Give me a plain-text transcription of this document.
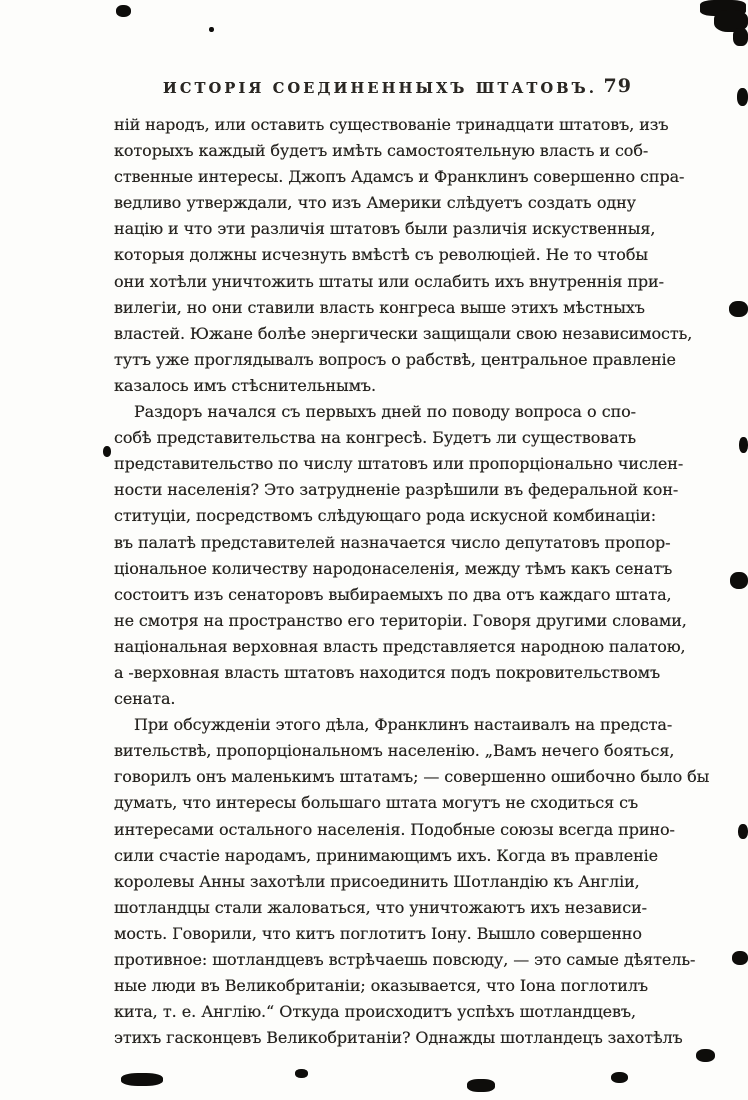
ИСТОРІЯ СОЕДИНЕННЫХЪ ШТАТОВЪ. 79
ній народъ, или оставить существованіе тринадцати штатовъ, изъ
которыхъ каждый будетъ имѣть самостоятельную власть и соб-
ственные интересы. Джопъ Адамсъ и Франклинъ совершенно спра-
ведливо утверждали, что изъ Америки слѣдуетъ создать одну
націю и что эти различія штатовъ были различія искуственныя,
которыя должны исчезнуть вмѣстѣ съ революціей. Не то чтобы
они хотѣли уничтожить штаты или ослабить ихъ внутреннія при-
вилегіи, но они ставили власть конгреса выше этихъ мѣстныхъ
властей. Южане болѣе энергически защищали свою независимость,
тутъ уже проглядывалъ вопросъ о рабствѣ, центральное правленіе
казалось имъ стѣснительнымъ.
Раздоръ начался съ первыхъ дней по поводу вопроса о спо-
собѣ представительства на конгресѣ. Будетъ ли существовать
представительство по числу штатовъ или пропорціонально числен-
ности населенія? Это затрудненіе разрѣшили въ федеральной кон-
ституціи, посредствомъ слѣдующаго рода искусной комбинаціи:
въ палатѣ представителей назначается число депутатовъ пропор-
ціональное количеству народонаселенія, между тѣмъ какъ сенатъ
состоитъ изъ сенаторовъ выбираемыхъ по два отъ каждаго штата,
не смотря на пространство его територіи. Говоря другими словами,
національная верховная власть представляется народною палатою,
а -верховная власть штатовъ находится подъ покровительствомъ
сената.
При обсужденіи этого дѣла, Франклинъ настаивалъ на предста-
вительствѣ, пропорціональномъ населенію. „Вамъ нечего бояться,
говорилъ онъ маленькимъ штатамъ; — совершенно ошибочно было бы
думать, что интересы большаго штата могутъ не сходиться съ
интересами остального населенія. Подобные союзы всегда прино-
сили счастіе народамъ, принимающимъ ихъ. Когда въ правленіе
королевы Анны захотѣли присоединить Шотландію къ Англіи,
шотландцы стали жаловаться, что уничтожаютъ ихъ независи-
мость. Говорили, что китъ поглотитъ Іону. Вышло совершенно
противное: шотландцевъ встрѣчаешь повсюду, — это самые дѣятель-
ные люди въ Великобританіи; оказывается, что Іона поглотилъ
кита, т. е. Англію.“ Откуда происходитъ успѣхъ шотландцевъ,
этихъ гасконцевъ Великобританіи? Однажды шотландецъ захотѣлъ
